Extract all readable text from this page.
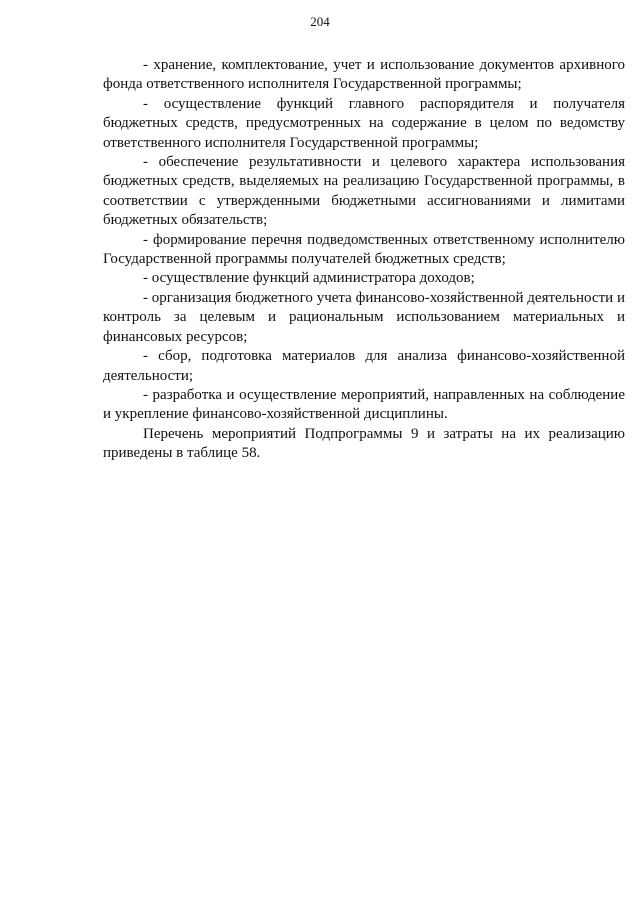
204

- хранение, комплектование, учет и использование документов архивного фонда ответственного исполнителя Государственной программы;

- осуществление функций главного распорядителя и получателя бюджетных средств, предусмотренных на содержание в целом по ведомству ответственного исполнителя Государственной программы;

- обеспечение результативности и целевого характера использования бюджетных средств, выделяемых на реализацию Государственной программы, в соответствии с утвержденными бюджетными ассигнованиями и лимитами бюджетных обязательств;

- формирование перечня подведомственных ответственному исполнителю Государственной программы получателей бюджетных средств;

- осуществление функций администратора доходов;

- организация бюджетного учета финансово-хозяйственной деятельности и контроль за целевым и рациональным использованием материальных и финансовых ресурсов;

- сбор, подготовка материалов для анализа финансово-хозяйственной деятельности;

- разработка и осуществление мероприятий, направленных на соблюдение и укрепление финансово-хозяйственной дисциплины.

Перечень мероприятий Подпрограммы 9 и затраты на их реализацию приведены в таблице 58.
